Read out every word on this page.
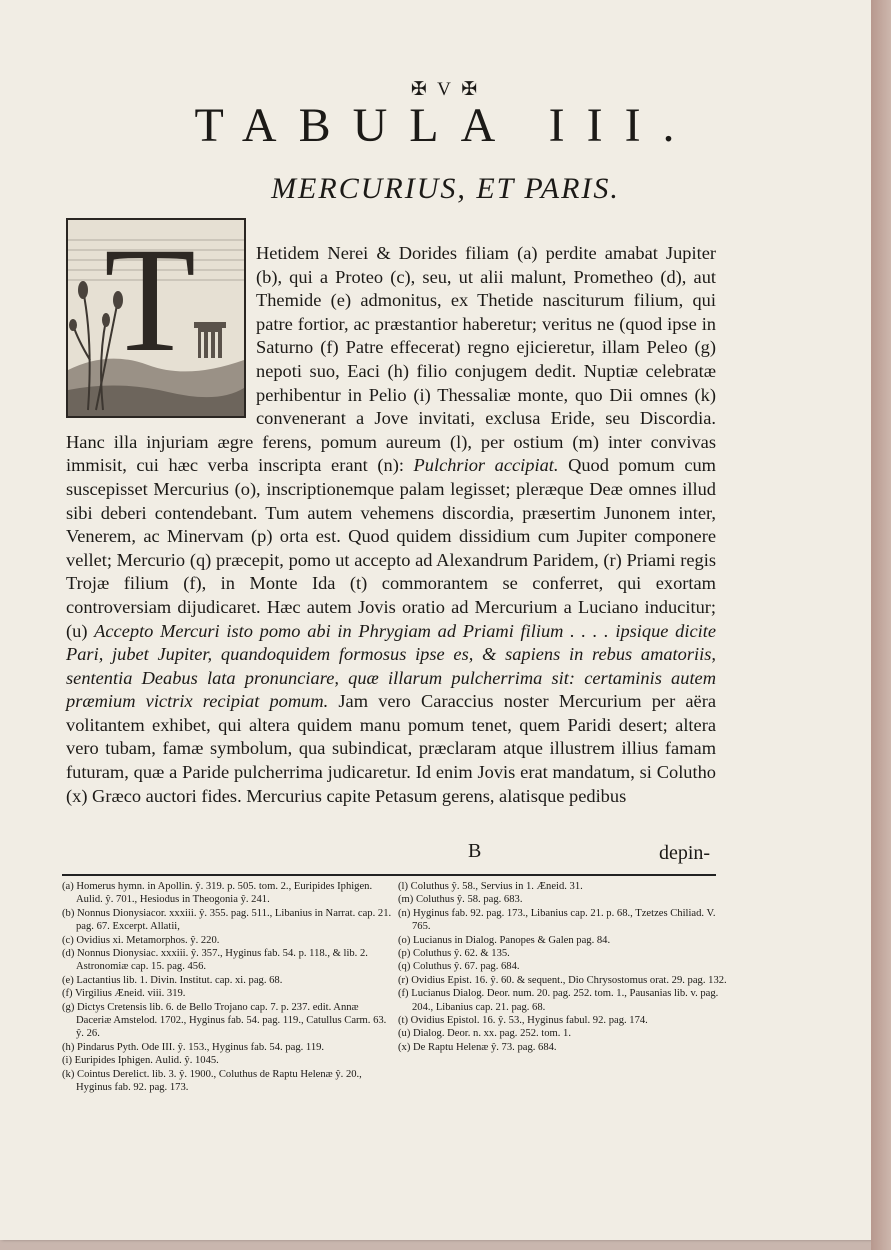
✠ V ✠
TABULA III.
MERCURIUS, ET PARIS.
T	Hetidem Nerei & Dorides filiam (a) perdite amabat Jupiter (b), qui a Proteo (c), seu, ut alii malunt, Prometheo (d), aut Themide (e) admonitus, ex Thetide nasciturum filium, qui patre fortior, ac præstantior haberetur; veritus ne (quod ipse in Saturno (f) Patre effecerat) regno ejicieretur, illam Peleo (g) nepoti suo, Eaci (h) filio conjugem dedit. Nuptiæ celebratæ perhibentur in Pelio (i) Thessaliæ monte, quo Dii omnes (k) convenerant a Jove invitati, exclusa Eride, seu Discordia. Hanc illa injuriam ægre ferens, pomum aureum (l), per ostium (m) inter convivas immisit, cui hæc verba inscripta erant (n): Pulchrior accipiat. Quod pomum cum suscepisset Mercurius (o), inscriptionemque palam legisset; pleræque Deæ omnes illud sibi deberi contendebant. Tum autem vehemens discordia, præsertim Junonem inter, Venerem, ac Minervam (p) orta est. Quod quidem dissidium cum Jupiter componere vellet; Mercurio (q) præcepit, pomo ut accepto ad Alexandrum Paridem, (r) Priami regis Trojæ filium (f), in Monte Ida (t) commorantem se conferret, qui exortam controversiam dijudicaret. Hæc autem Jovis oratio ad Mercurium a Luciano inducitur; (u) Accepto Mercuri isto pomo abi in Phrygiam ad Priami filium . . . . ipsique dicite Pari, jubet Jupiter, quandoquidem formosus ipse es, & sapiens in rebus amatoriis, sententia Deabus lata pronunciare, quæ illarum pulcherrima sit: certaminis autem præmium victrix recipiat pomum. Jam vero Caraccius noster Mercurium per aëra volitantem exhibet, qui altera quidem manu pomum tenet, quem Paridi desert; altera vero tubam, famæ symbolum, qua subindicat, præclaram atque illustrem illius famam futuram, quæ a Paride pulcherrima judicaretur. Id enim Jovis erat mandatum, si Colutho (x) Græco auctori fides. Mercurius capite Petasum gerens, alatisque pedibus

B	depin-
(a) Homerus hymn. in Apollin. ŷ. 319. p. 505. tom. 2., Euripides Iphigen. Aulid. ŷ. 701., Hesiodus in Theogonia ŷ. 241.
(b) Nonnus Dionysiacor. xxxiii. ŷ. 355. pag. 511., Libanius in Narrat. cap. 21. pag. 67. Excerpt. Allatii,
(c) Ovidius xi. Metamorphos. ŷ. 220.
(d) Nonnus Dionysiac. xxxiii. ŷ. 357., Hyginus fab. 54. p. 118., & lib. 2. Astronomiæ cap. 15. pag. 456.
(e) Lactantius lib. 1. Divin. Institut. cap. xi. pag. 68.
(f) Virgilius Æneid. viii. 319.
(g) Dictys Cretensis lib. 6. de Bello Trojano cap. 7. p. 237. edit. Annæ Daceriæ Amstelod. 1702., Hyginus fab. 54. pag. 119., Catullus Carm. 63. ŷ. 26.
(h) Pindarus Pyth. Ode III. ŷ. 153., Hyginus fab. 54. pag. 119.
(i) Euripides Iphigen. Aulid. ŷ. 1045.
(k) Cointus Derelict. lib. 3. ŷ. 1900., Coluthus de Raptu Helenæ ŷ. 20., Hyginus fab. 92. pag. 173.
(l) Coluthus ŷ. 58., Servius in 1. Æneid. 31.
(m) Coluthus ŷ. 58. pag. 683.
(n) Hyginus fab. 92. pag. 173., Libanius cap. 21. p. 68., Tzetzes Chiliad. V. 765.
(o) Lucianus in Dialog. Panopes & Galen pag. 84.
(p) Coluthus ŷ. 62. & 135.
(q) Coluthus ŷ. 67. pag. 684.
(r) Ovidius Epist. 16. ŷ. 60. & sequent., Dio Chrysostomus orat. 29. pag. 132.
(f) Lucianus Dialog. Deor. num. 20. pag. 252. tom. 1., Pausanias lib. v. pag. 204., Libanius cap. 21. pag. 68.
(t) Ovidius Epistol. 16. ŷ. 53., Hyginus fabul. 92. pag. 174.
(u) Dialog. Deor. n. xx. pag. 252. tom. 1.
(x) De Raptu Helenæ ŷ. 73. pag. 684.
